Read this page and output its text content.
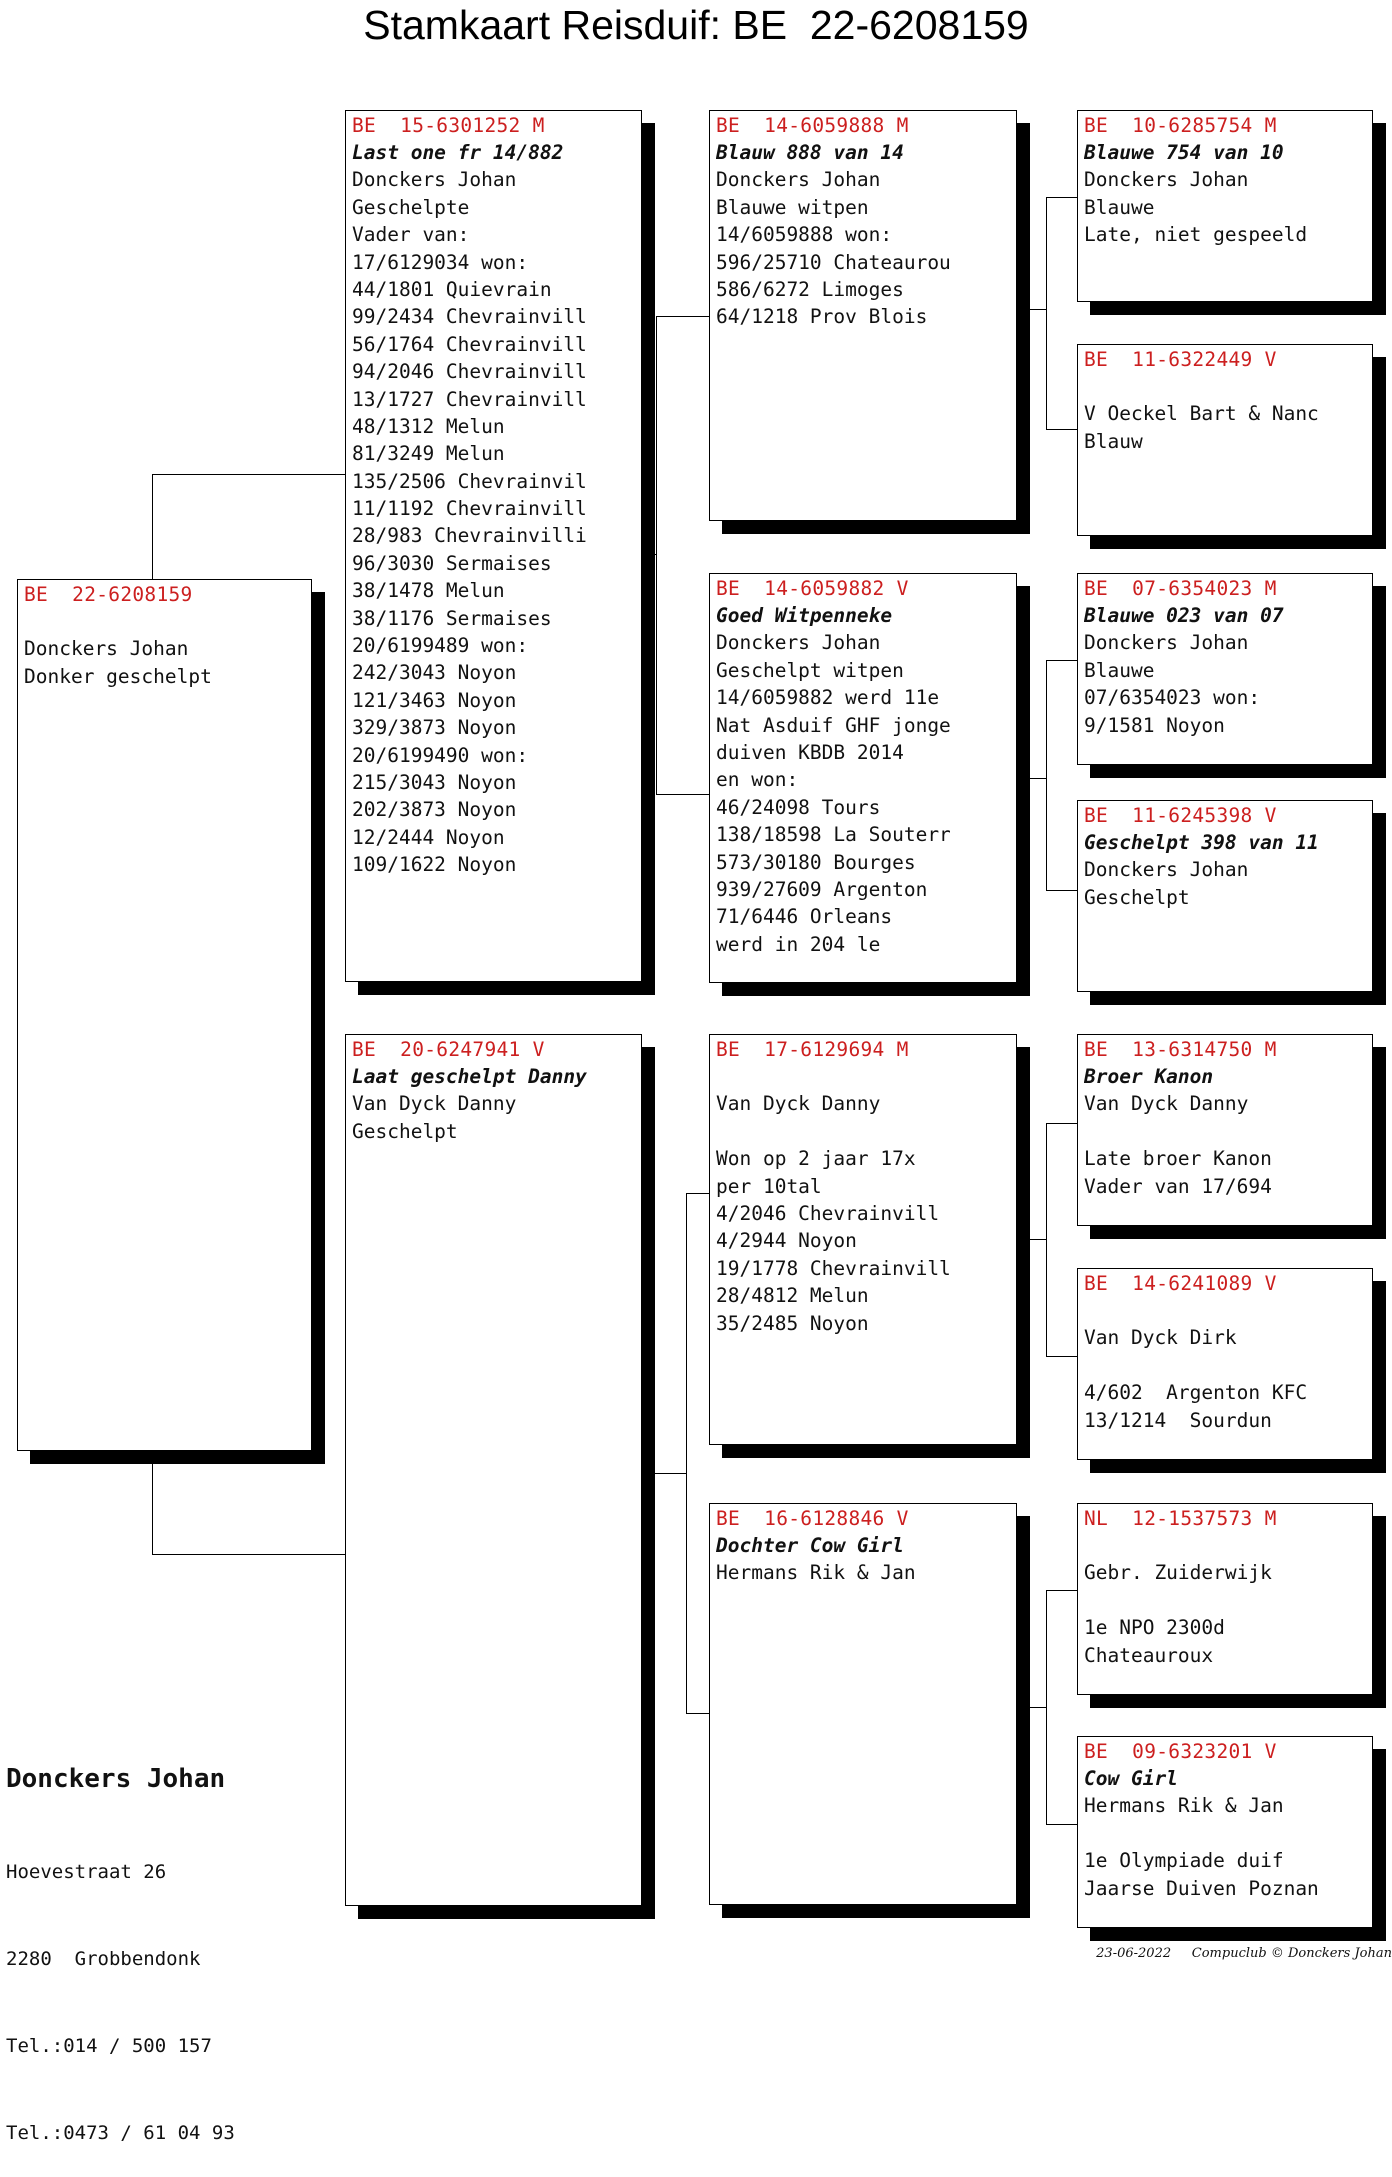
Stamkaart Reisduif: BE  22-6208159
BE  22-6208159
Donckers Johan
Donker geschelpt
BE  15-6301252 M
Last one fr 14/882
Donckers Johan
Geschelpte
Vader van:
17/6129034 won:
44/1801 Quievrain
99/2434 Chevrainvill
56/1764 Chevrainvill
94/2046 Chevrainvill
13/1727 Chevrainvill
48/1312 Melun
81/3249 Melun
135/2506 Chevrainvil
11/1192 Chevrainvill
28/983 Chevrainvilli
96/3030 Sermaises
38/1478 Melun
38/1176 Sermaises
20/6199489 won:
242/3043 Noyon
121/3463 Noyon
329/3873 Noyon
20/6199490 won:
215/3043 Noyon
202/3873 Noyon
12/2444 Noyon
109/1622 Noyon
BE  20-6247941 V
Laat geschelpt Danny
Van Dyck Danny
Geschelpt
BE  14-6059888 M
Blauw 888 van 14
Donckers Johan
Blauwe witpen
14/6059888 won:
596/25710 Chateaurou
586/6272 Limoges
64/1218 Prov Blois
BE  14-6059882 V
Goed Witpenneke
Donckers Johan
Geschelpt witpen
14/6059882 werd 11e
Nat Asduif GHF jonge
duiven KBDB 2014
en won:
46/24098 Tours
138/18598 La Souterr
573/30180 Bourges
939/27609 Argenton
71/6446 Orleans
werd in 204 le
BE  17-6129694 M
Van Dyck Danny
Won op 2 jaar 17x
per 10tal
4/2046 Chevrainvill
4/2944 Noyon
19/1778 Chevrainvill
28/4812 Melun
35/2485 Noyon
BE  16-6128846 V
Dochter Cow Girl
Hermans Rik & Jan
BE  10-6285754 M
Blauwe 754 van 10
Donckers Johan
Blauwe
Late, niet gespeeld
BE  11-6322449 V
V Oeckel Bart & Nanc
Blauw
BE  07-6354023 M
Blauwe 023 van 07
Donckers Johan
Blauwe
07/6354023 won:
9/1581 Noyon
BE  11-6245398 V
Geschelpt 398 van 11
Donckers Johan
Geschelpt
BE  13-6314750 M
Broer Kanon
Van Dyck Danny
Late broer Kanon
Vader van 17/694
BE  14-6241089 V
Van Dyck Dirk
4/602  Argenton KFC
13/1214  Sourdun
NL  12-1537573 M
Gebr. Zuiderwijk
1e NPO 2300d
Chateauroux
BE  09-6323201 V
Cow Girl
Hermans Rik & Jan
1e Olympiade duif
Jaarse Duiven Poznan
Donckers Johan

Hoevestraat 26

2280  Grobbendonk

Tel.:014 / 500 157

Tel.:0473 / 61 04 93

23-06-2022     Compuclub © Donckers Johan
